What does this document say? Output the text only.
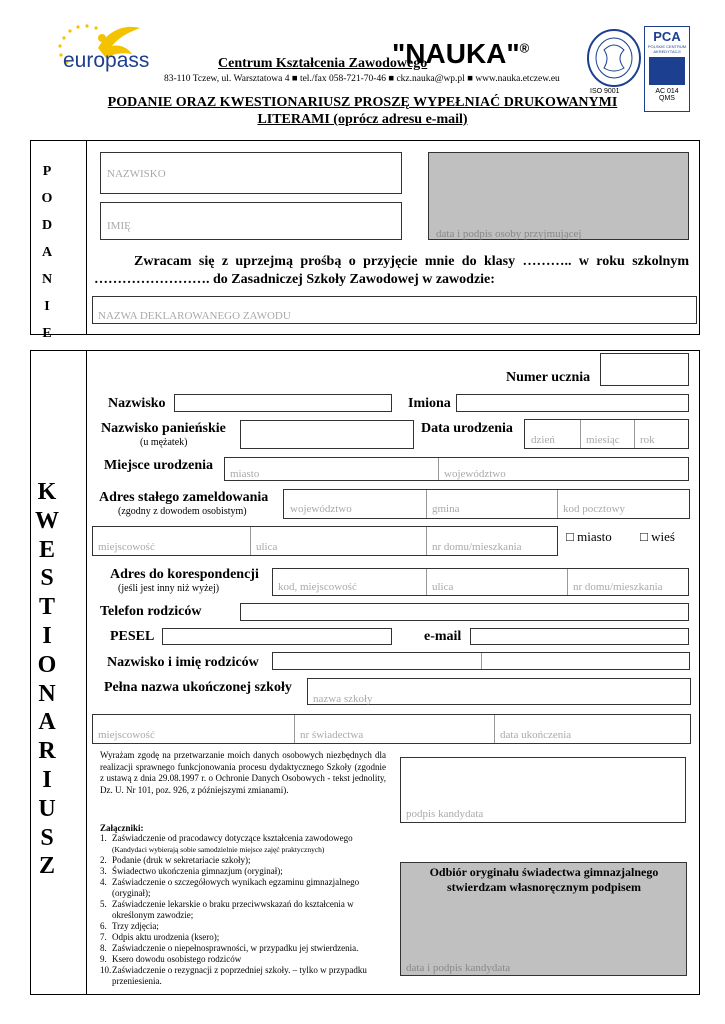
europass	Centrum Kształcenia Zawodowego
"NAUKA"®
83-110 Tczew, ul. Warsztatowa 4 ■ tel./fax 058-721-70-46 ■ ckz.nauka@wp.pl ■ www.nauka.etczew.eu
ISO 9001
PCA
POLSKIE CENTRUM AKREDYTACJI
AC 014
QMS
PODANIE ORAZ KWESTIONARIUSZ PROSZĘ WYPEŁNIAĆ DRUKOWANYMI
LITERAMI (oprócz adresu e-mail)
P
O
D
A
N
I
E
NAZWISKO
IMIĘ
data i podpis osoby przyjmującej
Zwracam się z uprzejmą prośbą o przyjęcie mnie do klasy ……….. w roku szkolnym ……………………. do Zasadniczej Szkoły Zawodowej w zawodzie:
NAZWA DEKLAROWANEGO ZAWODU
K
W
E
S
T
I
O
N
A
R
I
U
S
Z
Numer ucznia
Nazwisko	Imiona
Nazwisko panieńskie
(u mężatek)
Data urodzenia
dzień	miesiąc rok
Miejsce urodzenia
miasto	województwo
Adres stałego zameldowania
(zgodny z dowodem osobistym)	województwo	gmina	kod pocztowy
miejscowość	ulica	nr domu/mieszkania
□ miasto □ wieś
Adres do korespondencji
(jeśli jest inny niż wyżej)	kod, miejscowość	ulica	nr domu/mieszkania
Telefon rodziców
PESEL	e-mail
Nazwisko i imię rodziców
Pełna nazwa ukończonej szkoły
nazwa szkoły
miejscowość	nr świadectwa	data ukończenia
Wyrażam zgodę na przetwarzanie moich danych osobowych niezbędnych dla realizacji sprawnego funkcjonowania procesu dydaktycznego Szkoły (zgodnie z ustawą z dnia 29.08.1997 r. o Ochronie Danych Osobowych - tekst jednolity, Dz. U. Nr 101, poz. 926, z późniejszymi zmianami).
podpis kandydata
Załączniki:
1. Zaświadczenie od pracodawcy dotyczące kształcenia zawodowego
(Kandydaci wybierają sobie samodzielnie miejsce zajęć praktycznych)
2. Podanie (druk w sekretariacie szkoły);
3. Świadectwo ukończenia gimnazjum (oryginał);
4. Zaświadczenie o szczegółowych wynikach egzaminu gimnazjalnego (oryginał);
5. Zaświadczenie lekarskie o braku przeciwwskazań do kształcenia w określonym zawodzie;
6. Trzy zdjęcia;
7. Odpis aktu urodzenia (ksero);
8. Zaświadczenie o niepełnosprawności, w przypadku jej stwierdzenia.
9. Ksero dowodu osobistego rodziców
10. Zaświadczenie o rezygnacji z poprzedniej szkoły. – tylko w przypadku przeniesienia.
Odbiór oryginału świadectwa gimnazjalnego stwierdzam własnoręcznym podpisem
data i podpis kandydata
